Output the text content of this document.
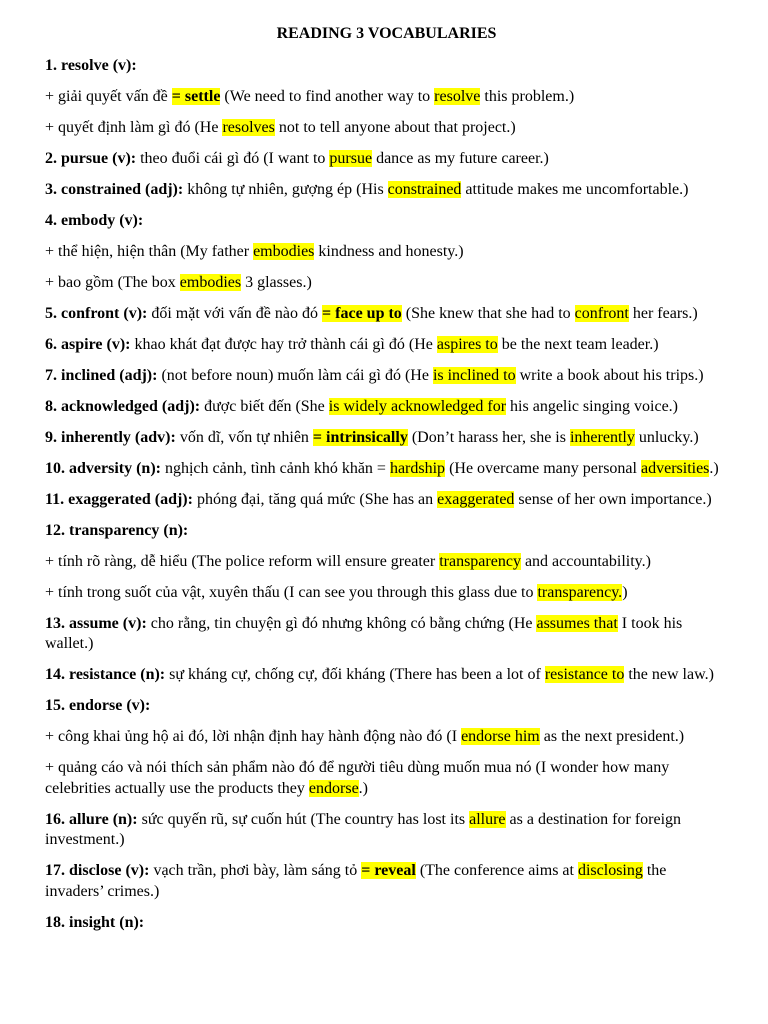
READING 3 VOCABULARIES
1. resolve (v):
+ giải quyết vấn đề = settle (We need to find another way to resolve this problem.)
+ quyết định làm gì đó (He resolves not to tell anyone about that project.)
2. pursue (v): theo đuổi cái gì đó (I want to pursue dance as my future career.)
3. constrained (adj): không tự nhiên, gượng ép (His constrained attitude makes me uncomfortable.)
4. embody (v):
+ thể hiện, hiện thân (My father embodies kindness and honesty.)
+ bao gồm (The box embodies 3 glasses.)
5. confront (v): đối mặt với vấn đề nào đó = face up to (She knew that she had to confront her fears.)
6. aspire (v): khao khát đạt được hay trở thành cái gì đó (He aspires to be the next team leader.)
7. inclined (adj): (not before noun) muốn làm cái gì đó (He is inclined to write a book about his trips.)
8. acknowledged (adj): được biết đến (She is widely acknowledged for his angelic singing voice.)
9. inherently (adv): vốn dĩ, vốn tự nhiên = intrinsically (Don’t harass her, she is inherently unlucky.)
10. adversity (n): nghịch cảnh, tình cảnh khó khăn = hardship (He overcame many personal adversities.)
11. exaggerated (adj): phóng đại, tăng quá mức (She has an exaggerated sense of her own importance.)
12. transparency (n):
+ tính rõ ràng, dễ hiểu (The police reform will ensure greater transparency and accountability.)
+ tính trong suốt của vật, xuyên thấu (I can see you through this glass due to transparency.)
13. assume (v): cho rằng, tin chuyện gì đó nhưng không có bằng chứng (He assumes that I took his wallet.)
14. resistance (n): sự kháng cự, chống cự, đối kháng (There has been a lot of resistance to the new law.)
15. endorse (v):
+ công khai ủng hộ ai đó, lời nhận định hay hành động nào đó (I endorse him as the next president.)
+ quảng cáo và nói thích sản phẩm nào đó để người tiêu dùng muốn mua nó (I wonder how many celebrities actually use the products they endorse.)
16. allure (n): sức quyến rũ, sự cuốn hút (The country has lost its allure as a destination for foreign investment.)
17. disclose (v): vạch trần, phơi bày, làm sáng tỏ = reveal (The conference aims at disclosing the invaders’ crimes.)
18. insight (n):
